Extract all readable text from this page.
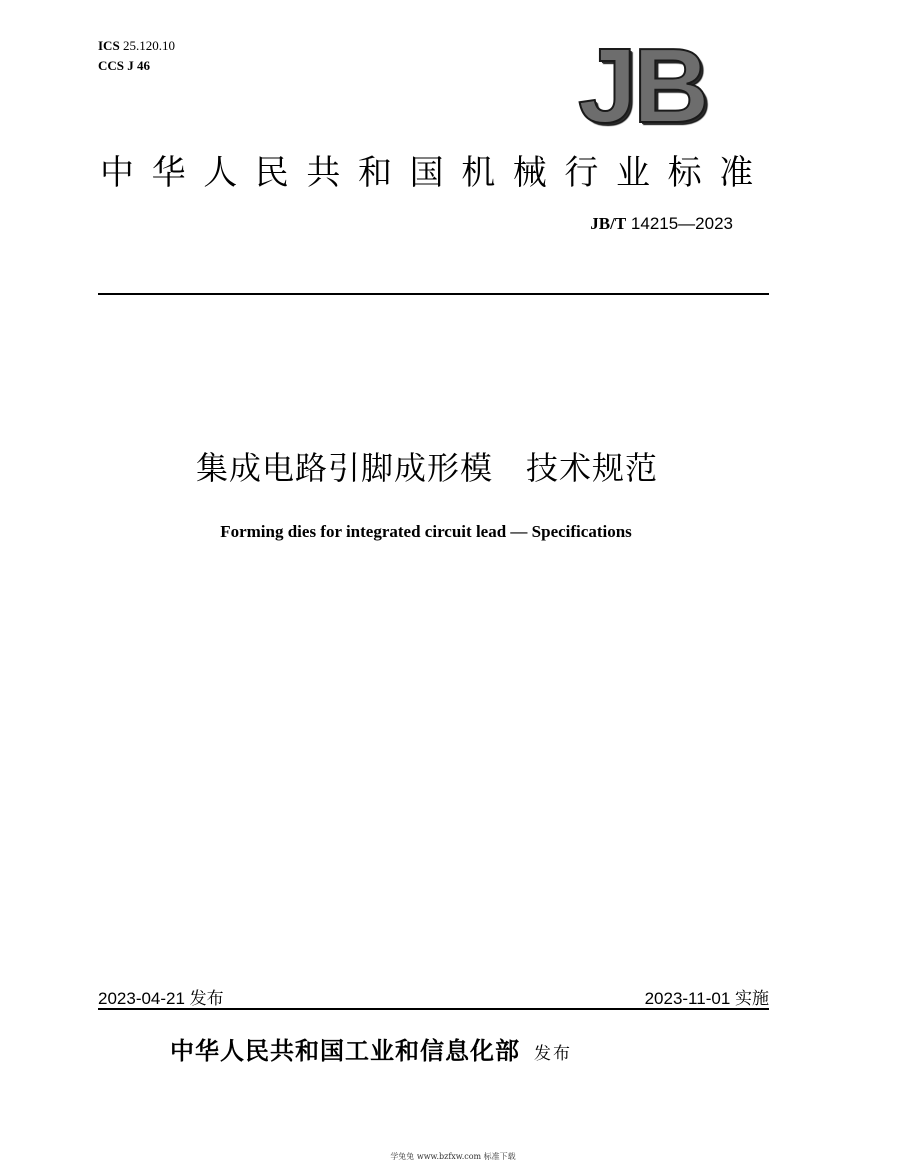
ICS 25.120.10
CCS J 46	JB
中华人民共和国机械行业标准
JB/T 14215—2023
集成电路引脚成形模　技术规范
Forming dies for integrated circuit lead — Specifications
2023-04-21 发布	2023-11-01 实施
中华人民共和国工业和信息化部 发布
学兔兔 www.bzfxw.com 标准下载
